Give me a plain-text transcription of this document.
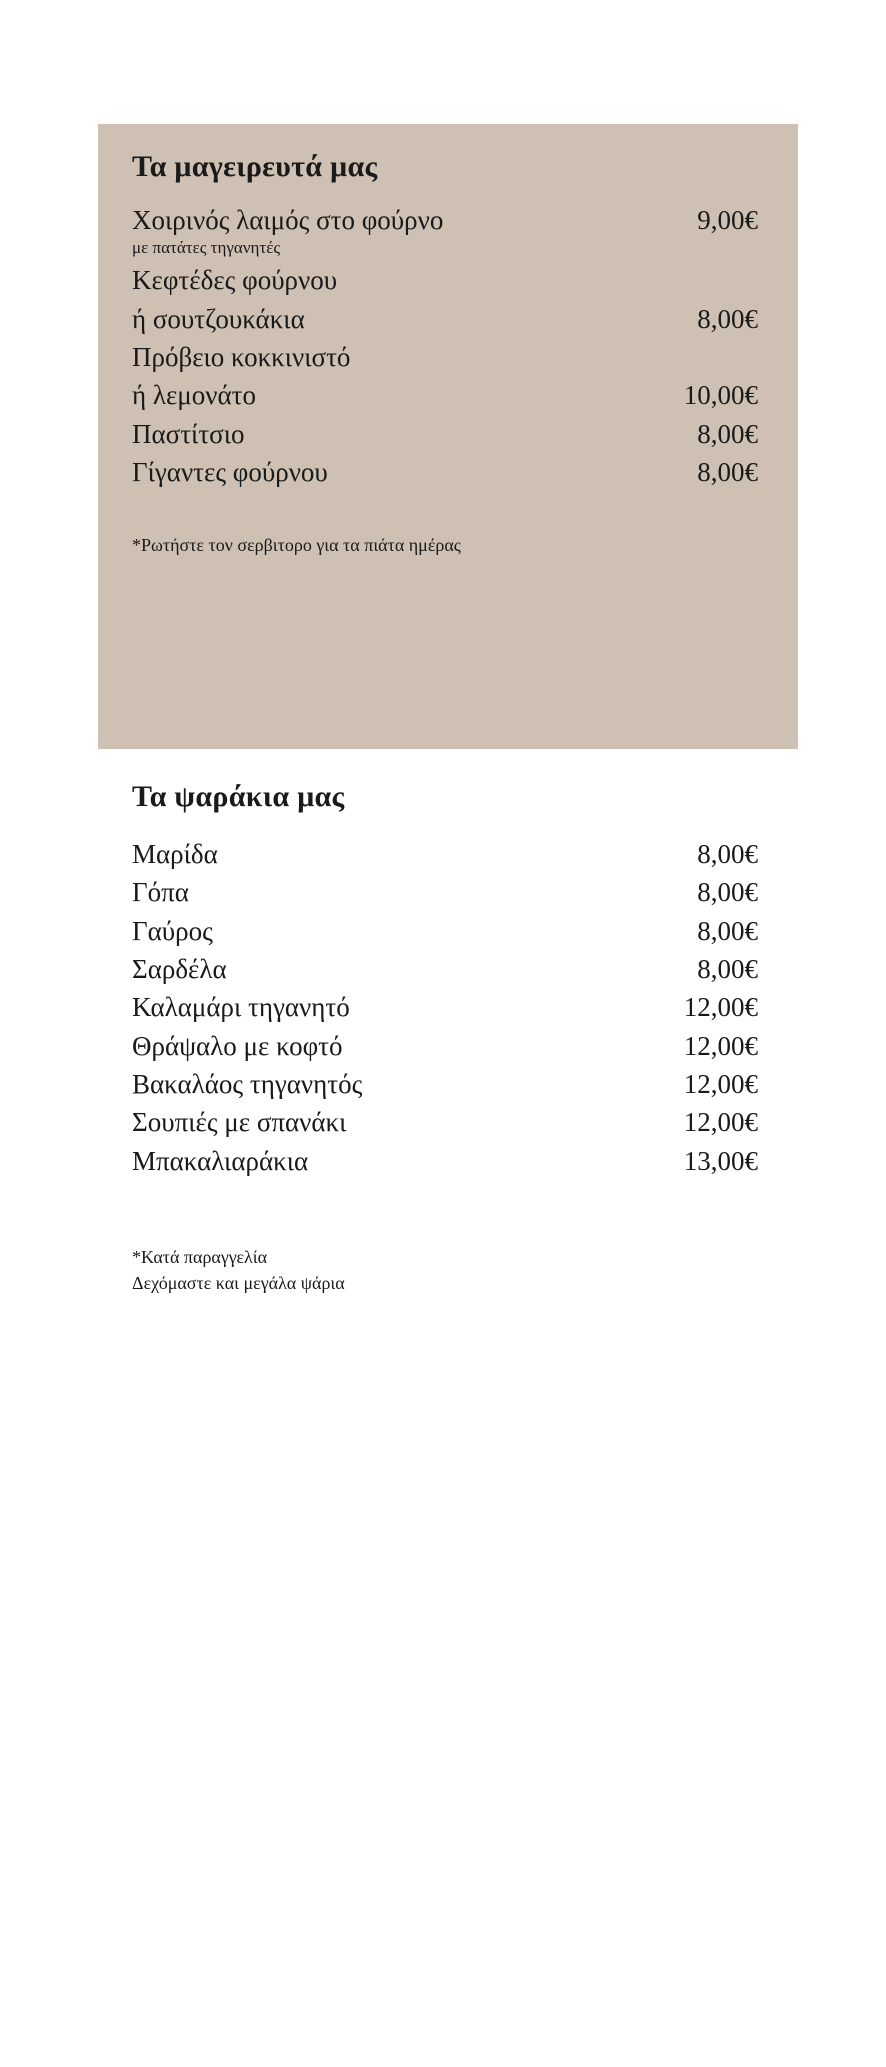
Τα μαγειρευτά μας
Χοιρινός λαιμός στο φούρνο	9,00€
με πατάτες τηγανητές
Κεφτέδες φούρνου
ή σουτζουκάκια	8,00€
Πρόβειο κοκκινιστό
ή λεμονάτο	10,00€
Παστίτσιο	8,00€
Γίγαντες φούρνου	8,00€
*Ρωτήστε τον σερβιτορο για τα πιάτα ημέρας
Τα ψαράκια μας
Μαρίδα	8,00€
Γόπα	8,00€
Γαύρος	8,00€
Σαρδέλα	8,00€
Καλαμάρι τηγανητό	12,00€
Θράψαλο με κοφτό	12,00€
Βακαλάος τηγανητός	12,00€
Σουπιές με σπανάκι	12,00€
Μπακαλιαράκια	13,00€
*Κατά παραγγελία
Δεχόμαστε και μεγάλα ψάρια
